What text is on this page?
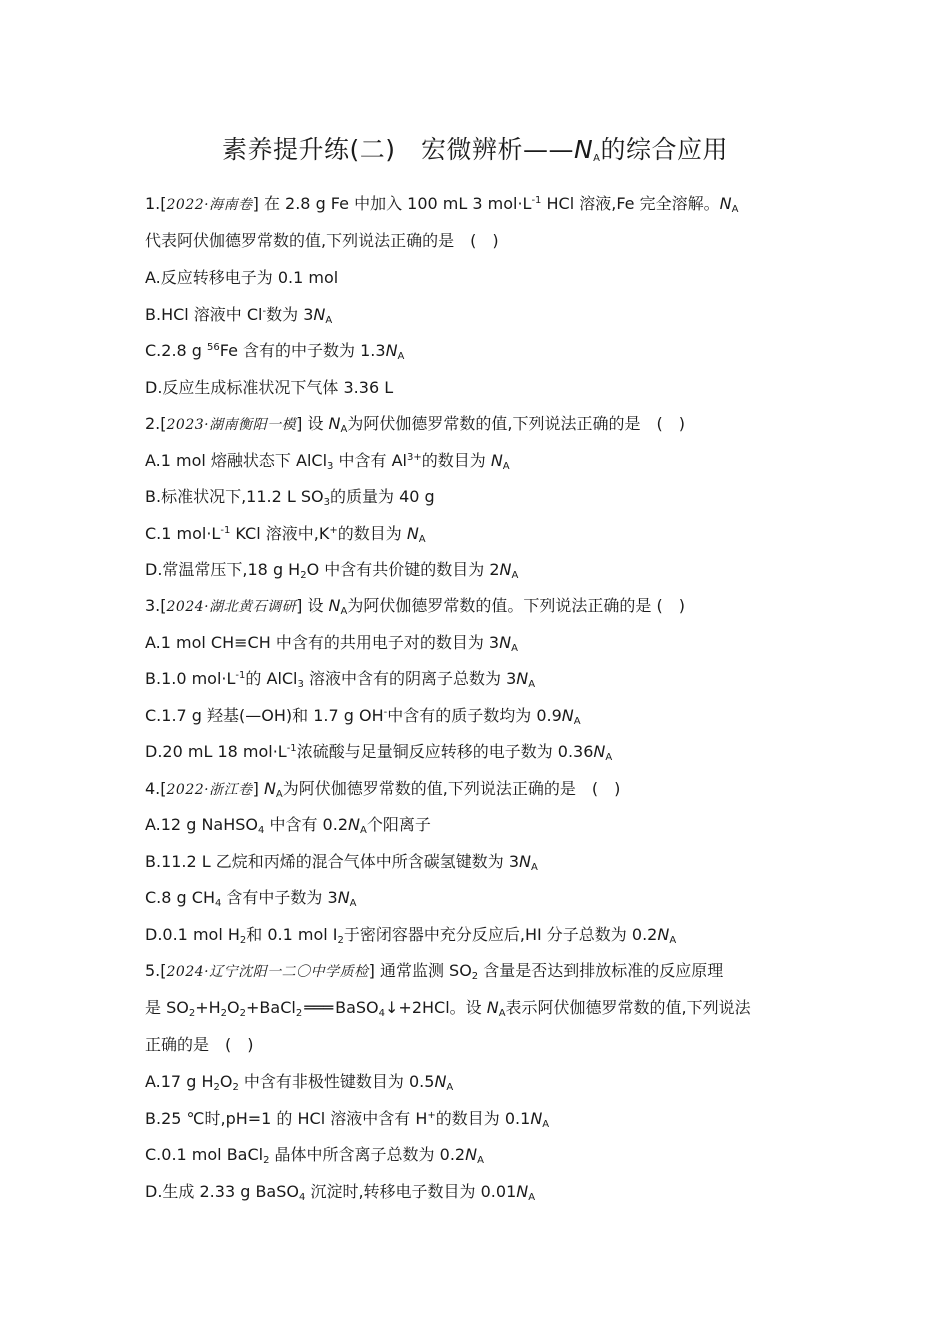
素养提升练(二)　宏微辨析$——N_A$的综合应用
1.[2022·海南卷] 在 2.8 g Fe 中加入 100 mL 3 $mol\cdot L^{-1}$ HCl 溶液,Fe 完全溶解。$N_A$
代表阿伏伽德罗常数的值,下列说法正确的是　(　)
A.反应转移电子为 0.1 mol
B.HCl 溶液中 Cl-数为 $3N_A$
C.2.8 g $^{56}$Fe 含有的中子数为 $1.3N_A$
D.反应生成标准状况下气体 3.36 L
2.[2023·湖南衡阳一模] 设 $N_A$为阿伏伽德罗常数的值,下列说法正确的是　(　)
A.1 mol 熔融状态下 AlCl$_3$ 中含有 $Al^{3+}$的数目为 $N_A$
B.标准状况下,11.2 L $SO_3$的质量为 40 g
C.1 $mol\cdot L^{-1}$ KCl 溶液中,K+的数目为 $N_A$
D.常温常压下,18 g $H_2O$ 中含有共价键的数目为 $2N_A$
3.[2024·湖北黄石调研] 设 $N_A$为阿伏伽德罗常数的值。下列说法正确的是 (　)
A.1 mol CH≡CH 中含有的共用电子对的数目为 $3N_A$
B.1.0 $mol\cdot L^{-1}$的 AlCl$_3$ 溶液中含有的阴离子总数为 $3N_A$
C.1.7 g 羟基(—OH)和 1.7 g OH-中含有的质子数均为 $0.9N_A$
D.20 mL 18 $mol\cdot L^{-1}$浓硫酸与足量铜反应转移的电子数为 $0.36N_A$
4.[2022·浙江卷] $N_A$为阿伏伽德罗常数的值,下列说法正确的是　(　)
A.12 g NaHSO$_4$ 中含有 $0.2N_A$个阳离子
B.11.2 L 乙烷和丙烯的混合气体中所含碳氢键数为 $3N_A$
C.8 g $CH_4$ 含有中子数为 $3N_A$
D.0.1 mol $H_2$和 0.1 mol $I_2$于密闭容器中充分反应后,HI 分子总数为 $0.2N_A$
5.[2024·辽宁沈阳一二〇中学质检] 通常监测 $SO_2$ 含量是否达到排放标准的反应原理
是 $SO_2+H_2O_2+BaCl_2$ ═══ BaSO$_4$↓+2HCl。设 $N_A$表示阿伏伽德罗常数的值,下列说法
正确的是　(　)
A.17 g $H_2O_2$ 中含有非极性键数目为 $0.5N_A$
B.25 ℃时,pH=1 的 HCl 溶液中含有 H+的数目为 $0.1N_A$
C.0.1 mol BaCl$_2$ 晶体中所含离子总数为 $0.2N_A$
D.生成 2.33 g BaSO$_4$ 沉淀时,转移电子数目为 $0.01N_A$
